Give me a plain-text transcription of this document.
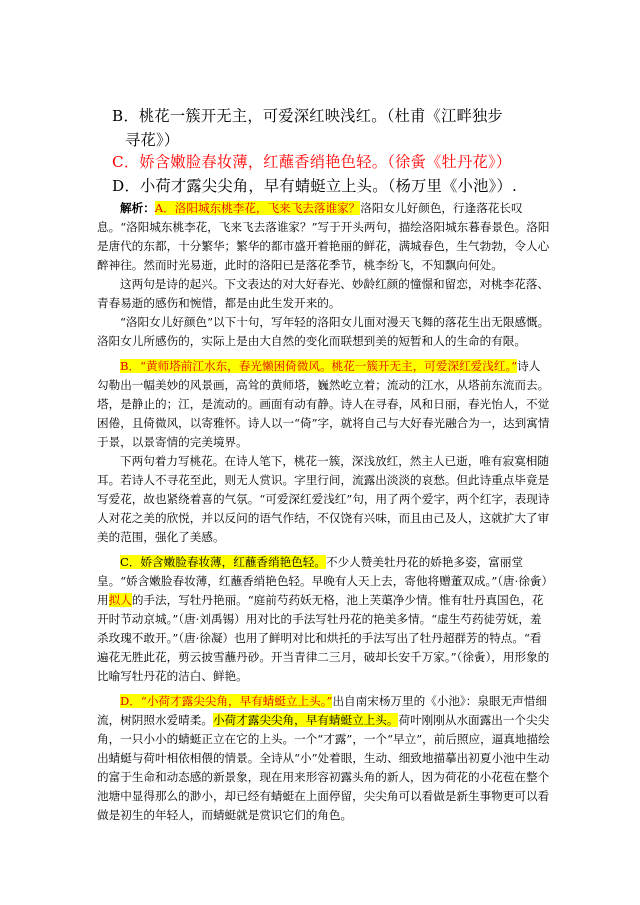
B．桃花一簇开无主，可爱深红映浅红。（杜甫《江畔独步
寻花》）
C．娇含嫩脸春妆薄，红蘸香绡艳色轻。（徐夤《牡丹花》）
D．小荷才露尖尖角，早有蜻蜓立上头。（杨万里《小池》）.

解析：A．洛阳城东桃李花，飞来飞去落谁家？洛阳女儿好颜色，行逢落花长叹息。“洛阳城东桃李花，飞来飞去落谁家？”写于开头两句，描绘洛阳城东暮春景色。洛阳是唐代的东都，十分繁华；繁华的都市盛开着艳丽的鲜花，满城春色，生气勃勃，令人心醉神往。然而时光易逝，此时的洛阳已是落花季节，桃李纷飞，不知飘向何处。

这两句是诗的起兴。下文表达的对大好春光、妙龄红颜的憧憬和留恋，对桃李花落、青春易逝的感伤和惋惜，都是由此生发开来的。

“洛阳女儿好颜色”以下十句，写年轻的洛阳女儿面对漫天飞舞的落花生出无限感慨。洛阳女儿所感伤的，实际上是由大自然的变化而联想到美的短暂和人的生命的有限。

B．“黄师塔前江水东，春光懒困倚微风。桃花一簇开无主，可爱深红爱浅红。”诗人勾勒出一幅美妙的风景画，高耸的黄师塔，巍然屹立着；流动的江水，从塔前东流而去。塔，是静止的；江，是流动的。画面有动有静。诗人在寻春，风和日丽，春光怡人，不觉困倦，且倚微风，以寄雅怀。诗人以一“倚”字，就将自己与大好春光融合为一，达到寓情于景，以景寄情的完美境界。

下两句着力写桃花。在诗人笔下，桃花一簇，深浅放红，然主人已逝，唯有寂寞相随耳。若诗人不寻花至此，则无人赏识。字里行间，流露出淡淡的哀愁。但此诗重点毕竟是写爱花，故也紧绕着喜的气氛。“可爱深红爱浅红”句，用了两个爱字，两个红字，表现诗人对花之美的欣悦，并以反问的语气作结，不仅饶有兴味，而且由己及人，这就扩大了审美的范围，强化了美感。

C．娇含嫩脸春妆薄，红蘸香绡艳色轻。不少人赞美牡丹花的娇艳多姿，富丽堂皇。“娇含嫩脸春妆薄，红蘸香绡艳色轻。早晚有人天上去，寄他将赠董双成。”（唐·徐夤）用拟人的手法，写牡丹艳丽。“庭前芍药妖无格，池上芙蕖净少情。惟有牡丹真国色，花开时节动京城。”（唐·刘禹锡）用对比的手法写牡丹花的艳美多情。“虚生芍药徒劳妩，羞杀玫瑰不敢开。”（唐·徐凝）也用了鲜明对比和烘托的手法写出了牡丹超群芳的特点。“看遍花无胜此花，剪云披雪蘸丹砂。开当青律二三月，破却长安千万家。”（徐夤），用形象的比喻写牡丹花的洁白、鲜艳。

D．“小荷才露尖尖角，早有蜻蜓立上头。”出自南宋杨万里的《小池》：泉眼无声惜细流，树阴照水爱晴柔。小荷才露尖尖角，早有蜻蜓立上头。荷叶刚刚从水面露出一个尖尖角，一只小小的蜻蜓正立在它的上头。一个“才露”，一个“早立”，前后照应，逼真地描绘出蜻蜓与荷叶相依相偎的情景。全诗从“小”处着眼，生动、细致地描摹出初夏小池中生动的富于生命和动态感的新景象，现在用来形容初露头角的新人，因为荷花的小花苞在整个池塘中显得那么的渺小，却已经有蜻蜓在上面停留，尖尖角可以看做是新生事物更可以看做是初生的年轻人，而蜻蜓就是赏识它们的角色。
